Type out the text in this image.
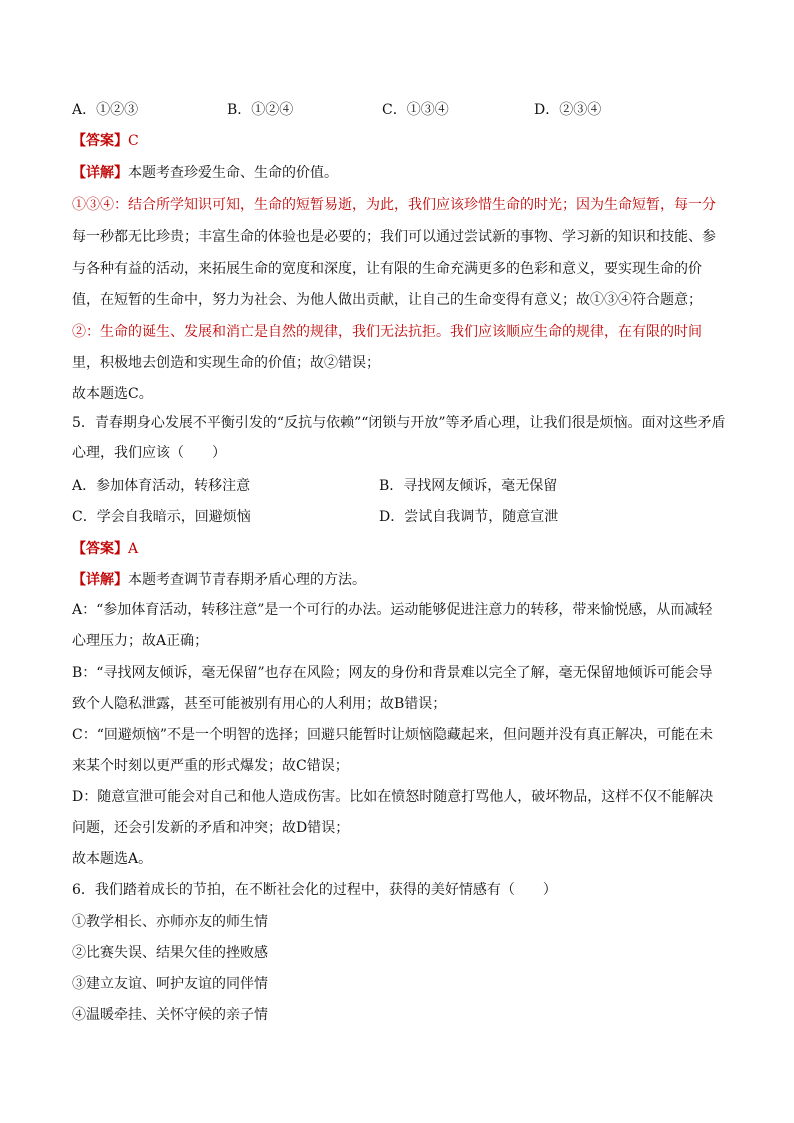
A．①②③	B．①②④	C．①③④	D．②③④
【答案】C
【详解】本题考查珍爱生命、生命的价值。
①③④：结合所学知识可知，生命的短暂易逝，为此，我们应该珍惜生命的时光；因为生命短暂，每一分
每一秒都无比珍贵；丰富生命的体验也是必要的；我们可以通过尝试新的事物、学习新的知识和技能、参
与各种有益的活动，来拓展生命的宽度和深度，让有限的生命充满更多的色彩和意义，要实现生命的价
值，在短暂的生命中，努力为社会、为他人做出贡献，让自己的生命变得有意义；故①③④符合题意；
②：生命的诞生、发展和消亡是自然的规律，我们无法抗拒。我们应该顺应生命的规律，在有限的时间
里，积极地去创造和实现生命的价值；故②错误；
故本题选C。
5．青春期身心发展不平衡引发的“反抗与依赖”“闭锁与开放”等矛盾心理，让我们很是烦恼。面对这些矛盾
心理，我们应该（　　）
A．参加体育活动，转移注意	B．寻找网友倾诉，毫无保留
C．学会自我暗示，回避烦恼	D．尝试自我调节，随意宣泄
【答案】A
【详解】本题考查调节青春期矛盾心理的方法。
A：“参加体育活动，转移注意”是一个可行的办法。运动能够促进注意力的转移，带来愉悦感，从而减轻
心理压力；故A正确；
B：“寻找网友倾诉，毫无保留”也存在风险；网友的身份和背景难以完全了解，毫无保留地倾诉可能会导
致个人隐私泄露，甚至可能被别有用心的人利用；故B错误；
C：“回避烦恼”不是一个明智的选择；回避只能暂时让烦恼隐藏起来，但问题并没有真正解决，可能在未
来某个时刻以更严重的形式爆发；故C错误；
D：随意宣泄可能会对自己和他人造成伤害。比如在愤怒时随意打骂他人，破坏物品，这样不仅不能解决
问题，还会引发新的矛盾和冲突；故D错误；
故本题选A。
6．我们踏着成长的节拍，在不断社会化的过程中，获得的美好情感有（　　）
①教学相长、亦师亦友的师生情
②比赛失误、结果欠佳的挫败感
③建立友谊、呵护友谊的同伴情
④温暖牵挂、关怀守候的亲子情
